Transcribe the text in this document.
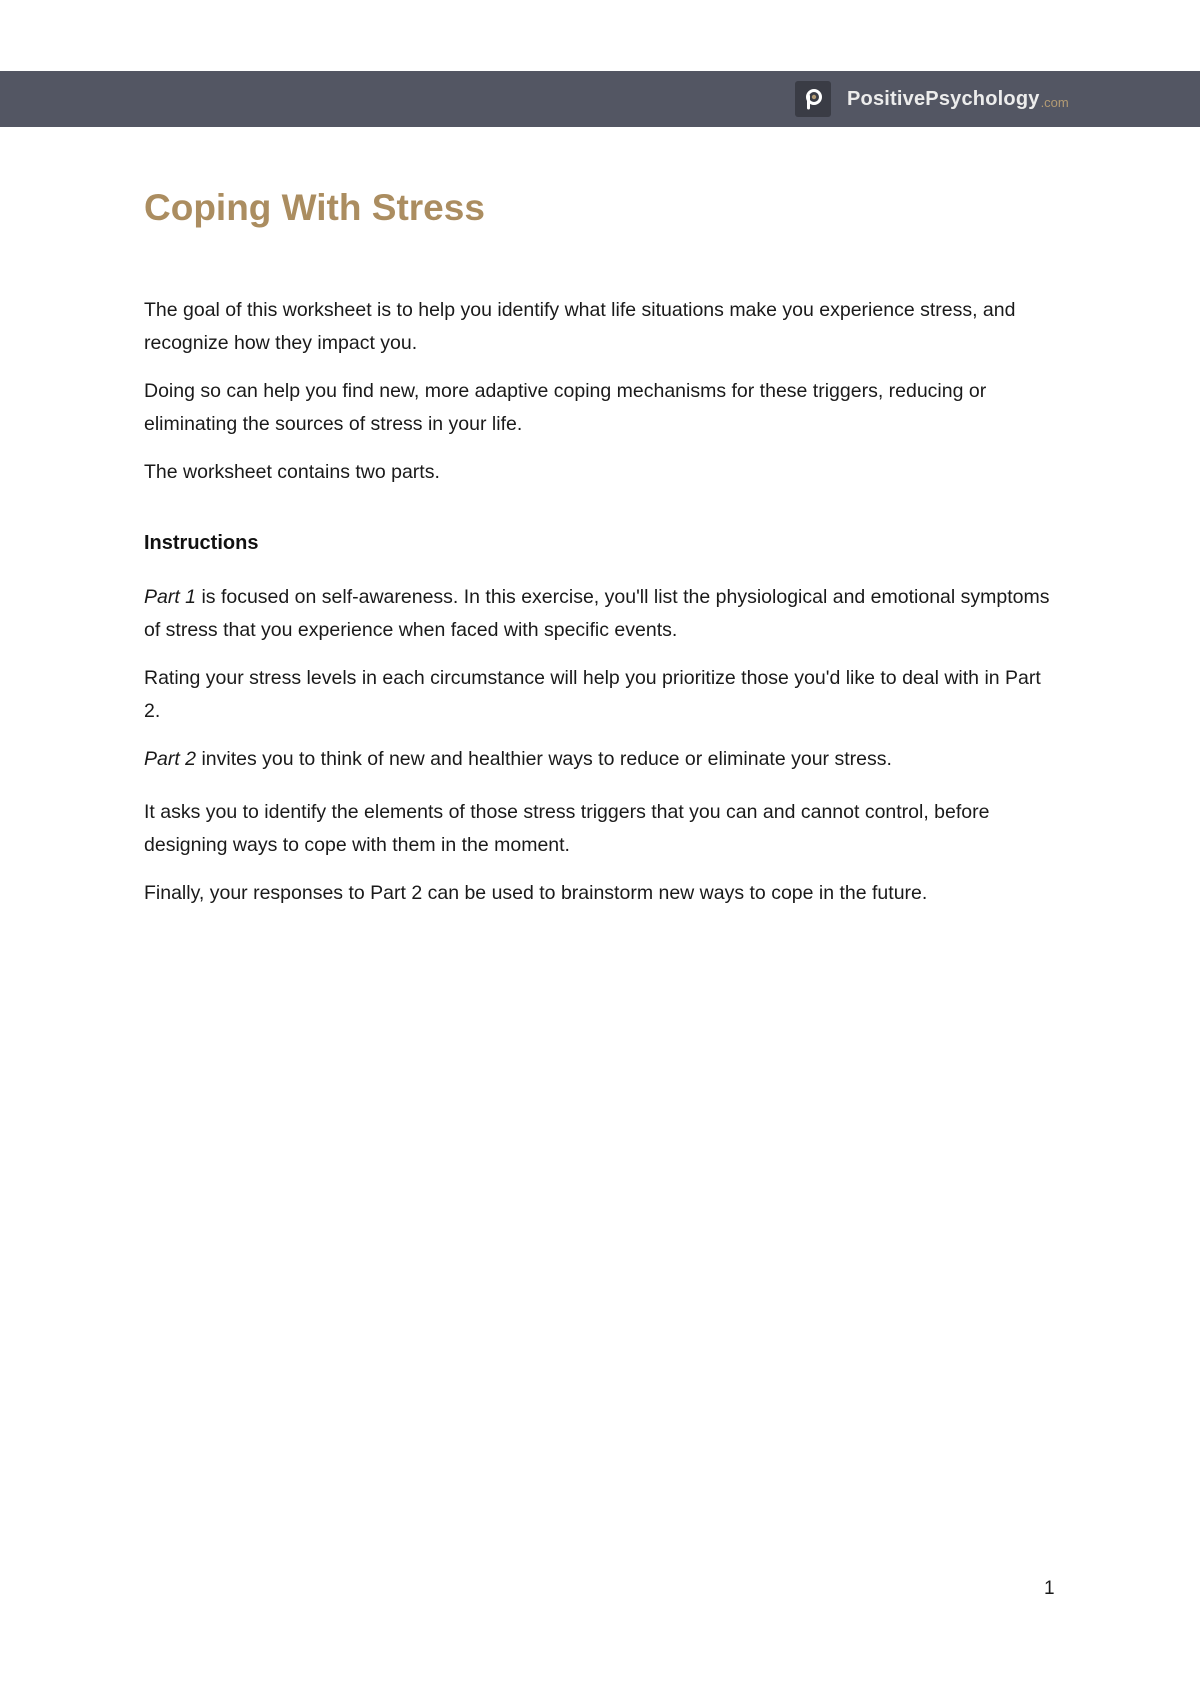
PositivePsychology .com
Coping With Stress

The goal of this worksheet is to help you identify what life situations make you experience stress, and recognize how they impact you.

Doing so can help you find new, more adaptive coping mechanisms for these triggers, reducing or eliminating the sources of stress in your life.

The worksheet contains two parts.

Instructions

Part 1 is focused on self-awareness. In this exercise, you'll list the physiological and emotional symptoms of stress that you experience when faced with specific events.

Rating your stress levels in each circumstance will help you prioritize those you'd like to deal with in Part 2.

Part 2 invites you to think of new and healthier ways to reduce or eliminate your stress.

It asks you to identify the elements of those stress triggers that you can and cannot control, before designing ways to cope with them in the moment.

Finally, your responses to Part 2 can be used to brainstorm new ways to cope in the future.

1
